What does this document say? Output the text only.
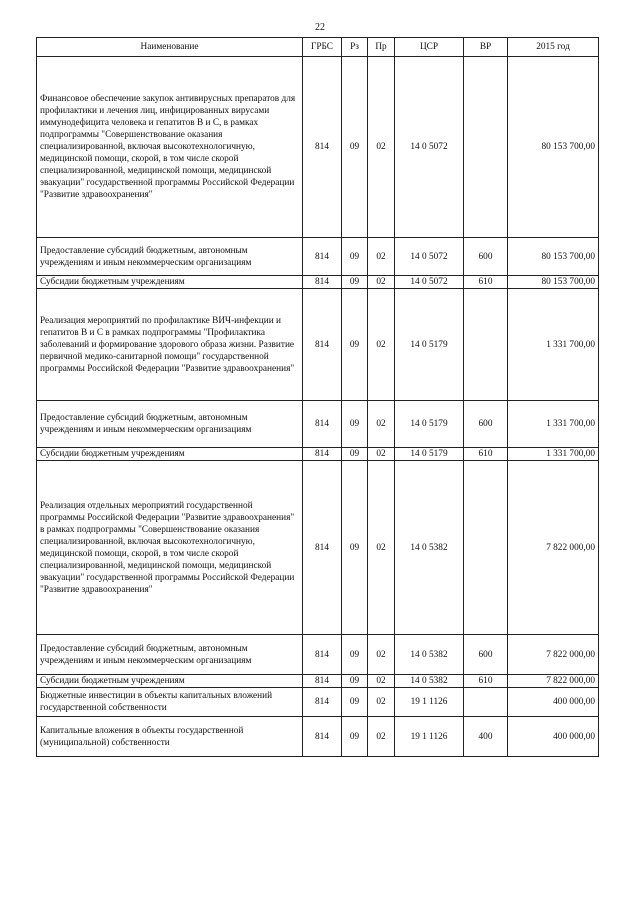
22
Наименование	ГРБС	Рз	Пр	ЦСР	ВР	2015 год
Финансовое обеспечение закупок антивирусных препаратов для профилактики и лечения лиц, инфицированных вирусами иммунодефицита человека и гепатитов В и С, в рамках подпрограммы "Совершенствование оказания специализированной, включая высокотехнологичную, медицинской помощи, скорой, в том числе скорой специализированной, медицинской помощи, медицинской эвакуации" государственной программы Российской Федерации "Развитие здравоохранения"	814	09	02	14 0 5072		80 153 700,00
Предоставление субсидий бюджетным, автономным учреждениям и иным некоммерческим организациям	814	09	02	14 0 5072	600	80 153 700,00
Субсидии бюджетным учреждениям	814	09	02	14 0 5072	610	80 153 700,00
Реализация мероприятий по профилактике ВИЧ-инфекции и гепатитов В и С в рамках подпрограммы "Профилактика заболеваний и формирование здорового образа жизни. Развитие первичной медико-санитарной помощи" государственной программы Российской Федерации "Развитие здравоохранения"	814	09	02	14 0 5179		1 331 700,00
Предоставление субсидий бюджетным, автономным учреждениям и иным некоммерческим организациям	814	09	02	14 0 5179	600	1 331 700,00
Субсидии бюджетным учреждениям	814	09	02	14 0 5179	610	1 331 700,00
Реализация отдельных мероприятий государственной программы Российской Федерации "Развитие здравоохранения" в рамках подпрограммы "Совершенствование оказания специализированной, включая высокотехнологичную, медицинской помощи, скорой, в том числе скорой специализированной, медицинской помощи, медицинской эвакуации" государственной программы Российской Федерации "Развитие здравоохранения"	814	09	02	14 0 5382		7 822 000,00
Предоставление субсидий бюджетным, автономным учреждениям и иным некоммерческим организациям	814	09	02	14 0 5382	600	7 822 000,00
Субсидии бюджетным учреждениям	814	09	02	14 0 5382	610	7 822 000,00
Бюджетные инвестиции в объекты капитальных вложений государственной собственности	814	09	02	19 1 1126		400 000,00
Капитальные вложения в объекты государственной (муниципальной) собственности	814	09	02	19 1 1126	400	400 000,00
